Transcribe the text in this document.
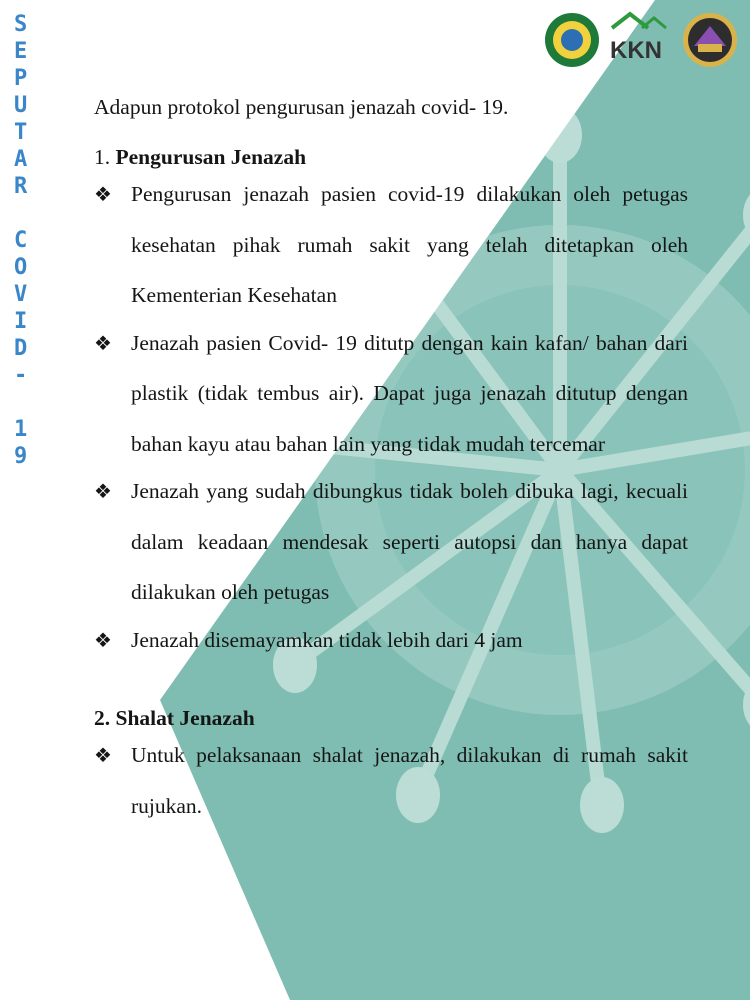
S
E
P
U
T
A
R
C
O
V
I
D
-
1
9
KKN

Adapun protokol pengurusan jenazah covid- 19.

1. Pengurusan Jenazah

❖ Pengurusan jenazah pasien covid-19 dilakukan oleh petugas kesehatan pihak rumah sakit yang telah ditetapkan oleh Kementerian Kesehatan
❖ Jenazah pasien Covid- 19 ditutp dengan kain kafan/ bahan dari plastik (tidak tembus air). Dapat juga jenazah ditutup dengan bahan kayu atau bahan lain yang tidak mudah tercemar
❖ Jenazah yang sudah dibungkus tidak boleh dibuka lagi, kecuali dalam keadaan mendesak seperti autopsi dan hanya dapat dilakukan oleh petugas
❖ Jenazah disemayamkan tidak lebih dari 4 jam

2. Shalat Jenazah

❖ Untuk pelaksanaan shalat jenazah, dilakukan di rumah sakit rujukan.
